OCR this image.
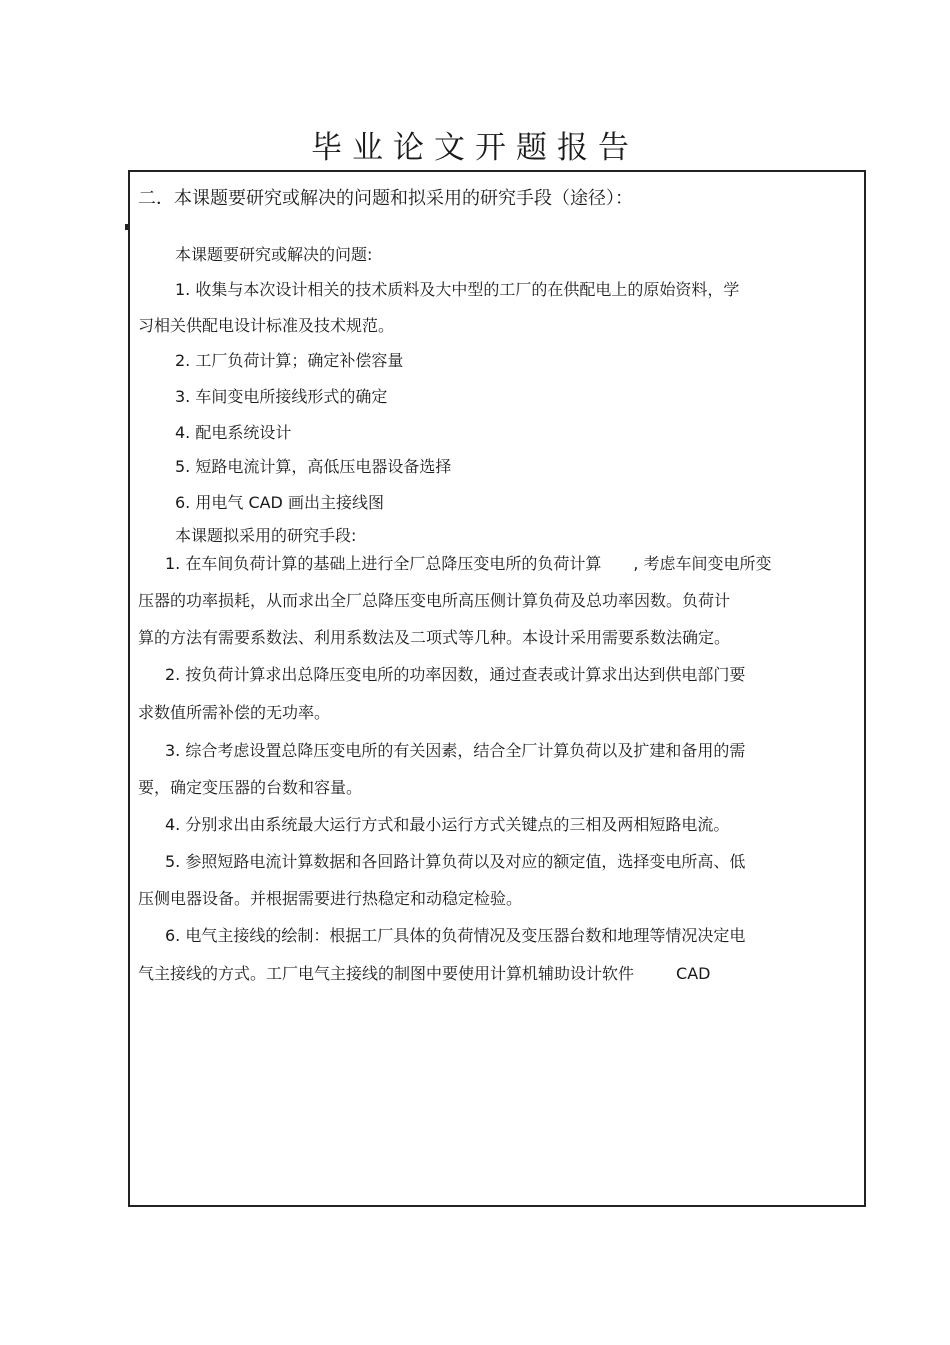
毕业论文开题报告
二．本课题要研究或解决的问题和拟采用的研究手段（途径）：
本课题要研究或解决的问题:
1. 收集与本次设计相关的技术质料及大中型的工厂的在供配电上的原始资料，学
习相关供配电设计标准及技术规范。
2. 工厂负荷计算；确定补偿容量
3. 车间变电所接线形式的确定
4. 配电系统设计
5. 短路电流计算，高低压电器设备选择
6. 用电气 CAD 画出主接线图
本课题拟采用的研究手段:
1. 在车间负荷计算的基础上进行全厂总降压变电所的负荷计算 , 考虑车间变电所变
压器的功率损耗，从而求出全厂总降压变电所高压侧计算负荷及总功率因数。负荷计
算的方法有需要系数法、利用系数法及二项式等几种。本设计采用需要系数法确定。
2. 按负荷计算求出总降压变电所的功率因数，通过查表或计算求出达到供电部门要
求数值所需补偿的无功率。
3. 综合考虑设置总降压变电所的有关因素，结合全厂计算负荷以及扩建和备用的需
要，确定变压器的台数和容量。
4. 分别求出由系统最大运行方式和最小运行方式关键点的三相及两相短路电流。
5. 参照短路电流计算数据和各回路计算负荷以及对应的额定值，选择变电所高、低
压侧电器设备。并根据需要进行热稳定和动稳定检验。
6. 电气主接线的绘制：根据工厂具体的负荷情况及变压器台数和地理等情况决定电
气主接线的方式。工厂电气主接线的制图中要使用计算机辅助设计软件	CAD
